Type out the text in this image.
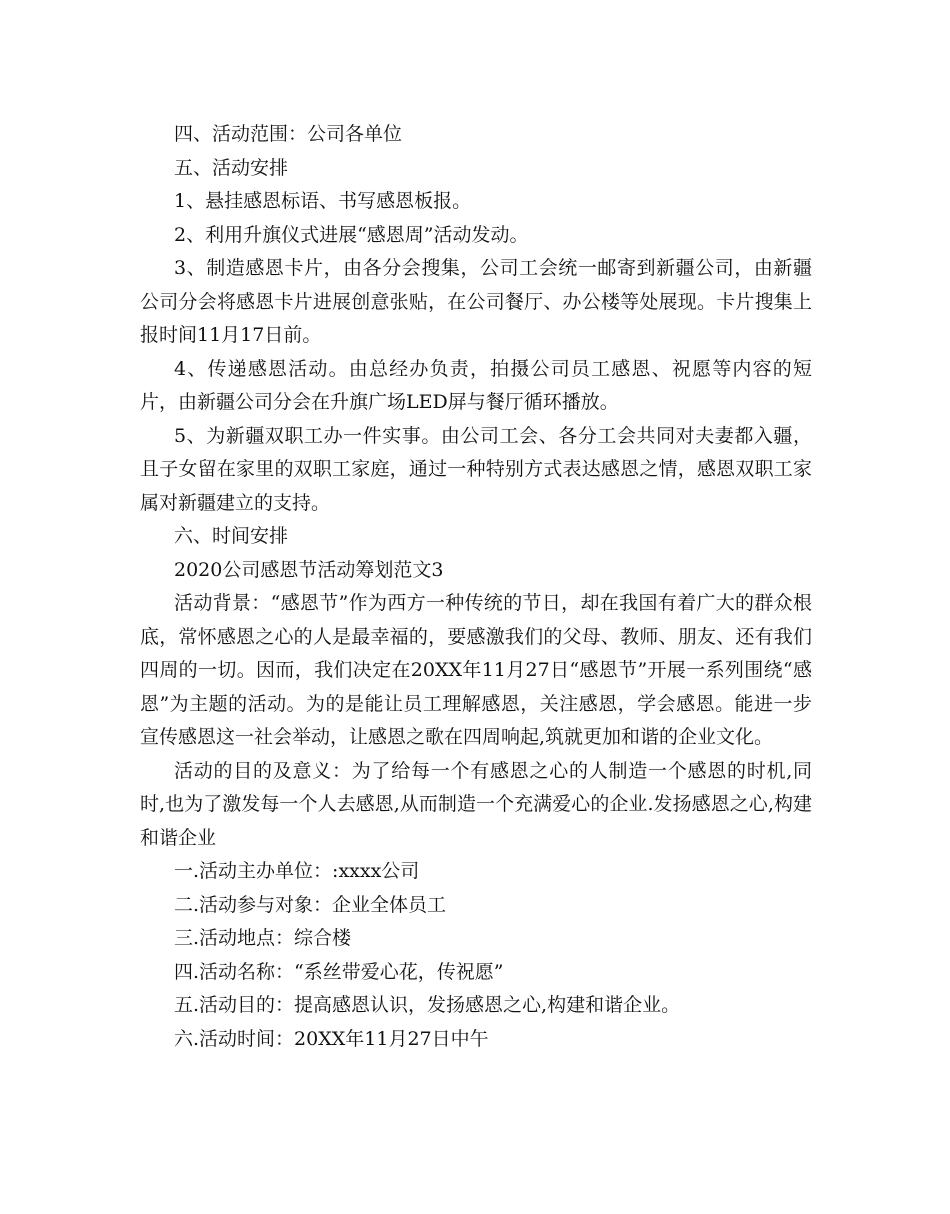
四、活动范围：公司各单位

五、活动安排

1、悬挂感恩标语、书写感恩板报。

2、利用升旗仪式进展“感恩周”活动发动。

3、制造感恩卡片，由各分会搜集，公司工会统一邮寄到新疆公司，由新疆公司分会将感恩卡片进展创意张贴，在公司餐厅、办公楼等处展现。卡片搜集上报时间11月17日前。

4、传递感恩活动。由总经办负责，拍摄公司员工感恩、祝愿等内容的短片，由新疆公司分会在升旗广场LED屏与餐厅循环播放。

5、为新疆双职工办一件实事。由公司工会、各分工会共同对夫妻都入疆，且子女留在家里的双职工家庭，通过一种特别方式表达感恩之情，感恩双职工家属对新疆建立的支持。

六、时间安排

2020公司感恩节活动筹划范文3

活动背景：“感恩节”作为西方一种传统的节日，却在我国有着广大的群众根底，常怀感恩之心的人是最幸福的，要感激我们的父母、教师、朋友、还有我们四周的一切。因而，我们决定在20XX年11月27日“感恩节”开展一系列围绕“感恩”为主题的活动。为的是能让员工理解感恩，关注感恩，学会感恩。能进一步宣传感恩这一社会举动，让感恩之歌在四周响起,筑就更加和谐的企业文化。

活动的目的及意义：为了给每一个有感恩之心的人制造一个感恩的时机,同时,也为了激发每一个人去感恩,从而制造一个充满爱心的企业.发扬感恩之心,构建和谐企业

一.活动主办单位：:xxxx公司

二.活动参与对象：企业全体员工

三.活动地点：综合楼

四.活动名称：“系丝带爱心花，传祝愿”

五.活动目的：提高感恩认识，发扬感恩之心,构建和谐企业。

六.活动时间：20XX年11月27日中午
